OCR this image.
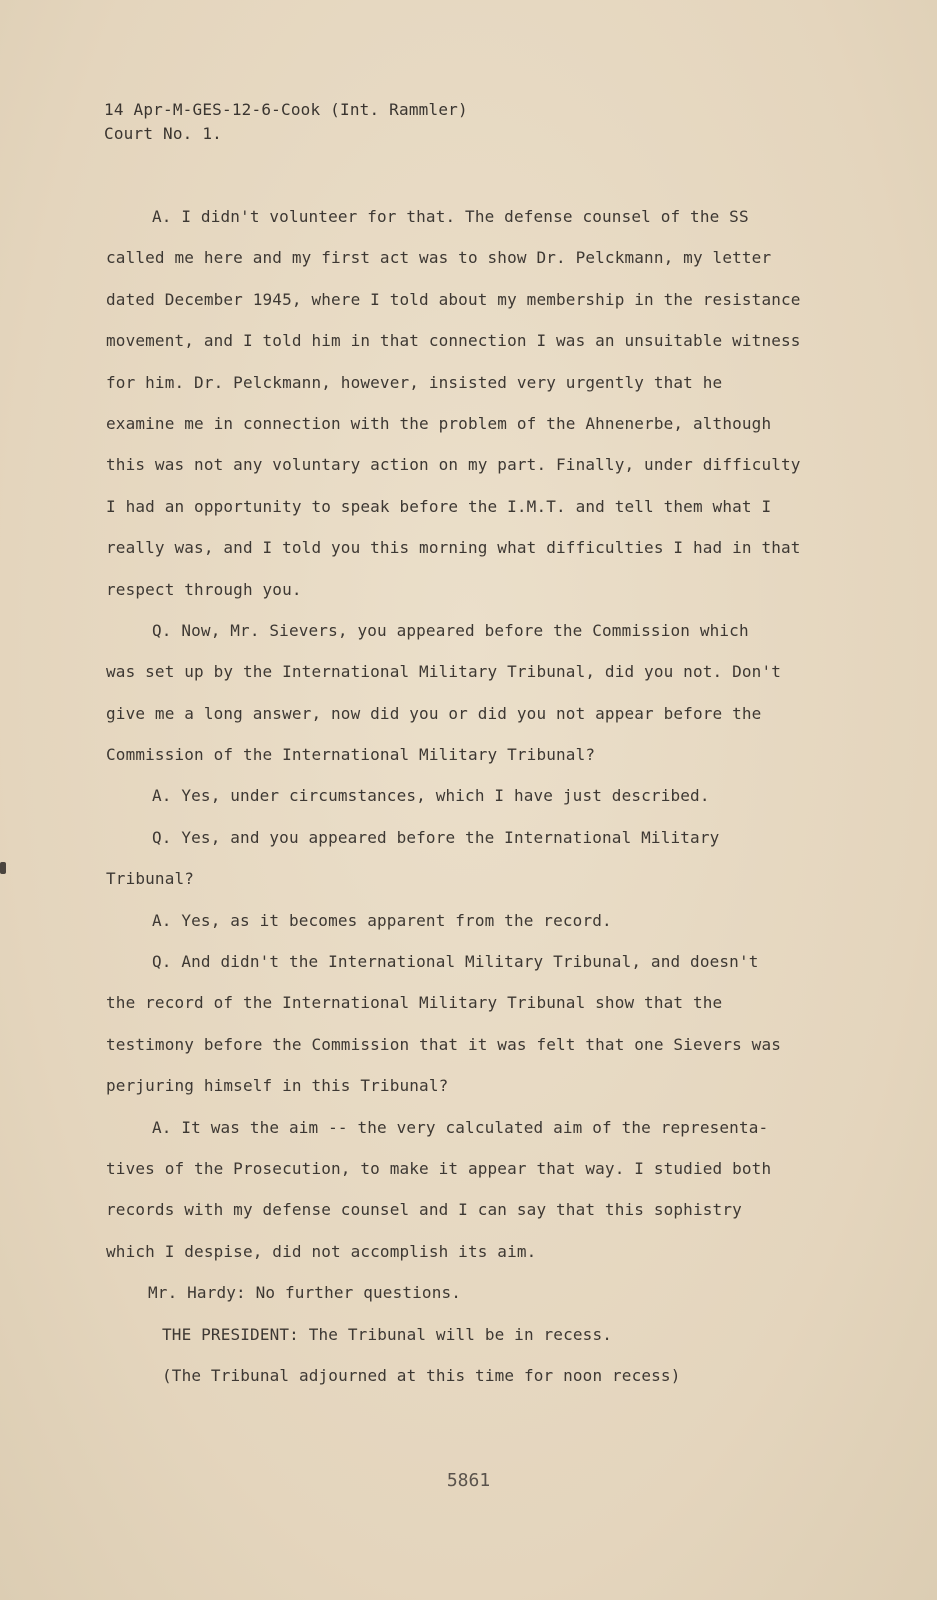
14 Apr-M-GES-12-6-Cook (Int. Rammler)
Court No. 1.
A. I didn't volunteer for that. The defense counsel of the SS
called me here and my first act was to show Dr. Pelckmann, my letter
dated December 1945, where I told about my membership in the resistance
movement, and I told him in that connection I was an unsuitable witness
for him. Dr. Pelckmann, however, insisted very urgently that he
examine me in connection with the problem of the Ahnenerbe, although
this was not any voluntary action on my part. Finally, under difficulty
I had an opportunity to speak before the I.M.T. and tell them what I
really was, and I told you this morning what difficulties I had in that
respect through you.
Q. Now, Mr. Sievers, you appeared before the Commission which
was set up by the International Military Tribunal, did you not. Don't
give me a long answer, now did you or did you not appear before the
Commission of the International Military Tribunal?
A. Yes, under circumstances, which I have just described.
Q. Yes, and you appeared before the International Military
Tribunal?
A. Yes, as it becomes apparent from the record.
Q. And didn't the International Military Tribunal, and doesn't
the record of the International Military Tribunal show that the
testimony before the Commission that it was felt that one Sievers was
perjuring himself in this Tribunal?
A. It was the aim -- the very calculated aim of the representa-
tives of the Prosecution, to make it appear that way. I studied both
records with my defense counsel and I can say that this sophistry
which I despise, did not accomplish its aim.
Mr. Hardy: No further questions.
THE PRESIDENT: The Tribunal will be in recess.
(The Tribunal adjourned at this time for noon recess)
5861
